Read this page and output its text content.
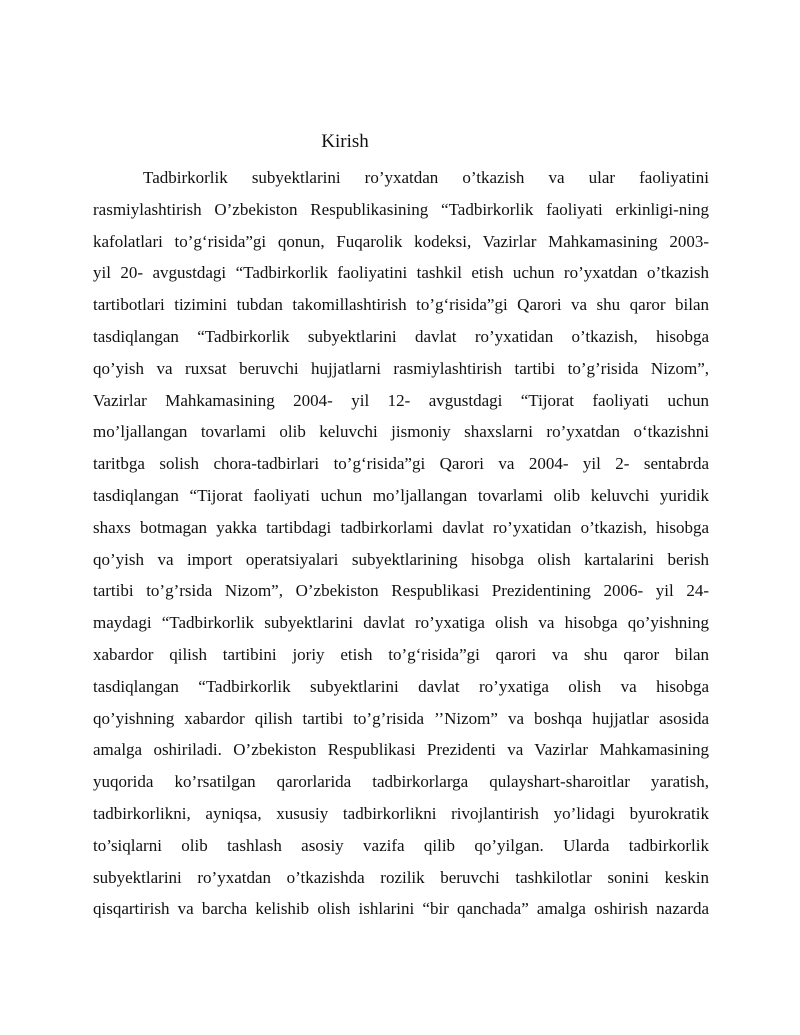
Kirish
Tadbirkorlik subyektlarini ro’yxatdan o’tkazish va ular faoliyatini
rasmiylashtirish O’zbekiston Respublikasining “Tadbirkorlik faoliyati erkinligi-ning
kafolatlari to’g‘risida”gi qonun, Fuqarolik kodeksi, Vazirlar Mahkamasining 2003-
yil 20- avgustdagi “Tadbirkorlik faoliyatini tashkil etish uchun ro’yxatdan o’tkazish
tartibotlari tizimini tubdan takomillashtirish to’g‘risida”gi Qarori va shu qaror bilan
tasdiqlangan “Tadbirkorlik subyektlarini davlat ro’yxatidan o’tkazish, hisobga
qo’yish va ruxsat beruvchi hujjatlarni rasmiylashtirish tartibi to’g’risida Nizom”,
Vazirlar Mahkamasining 2004- yil 12- avgustdagi “Tijorat faoliyati uchun
mo’ljallangan tovarlami olib keluvchi jismoniy shaxslarni ro’yxatdan o‘tkazishni
taritbga solish chora-tadbirlari to’g‘risida”gi Qarori va 2004- yil 2- sentabrda
tasdiqlangan “Tijorat faoliyati uchun mo’ljallangan tovarlami olib keluvchi yuridik
shaxs botmagan yakka tartibdagi tadbirkorlami davlat ro’yxatidan o’tkazish, hisobga
qo’yish va import operatsiyalari subyektlarining hisobga olish kartalarini berish
tartibi to’g’rsida Nizom”, O’zbekiston Respublikasi Prezidentining 2006- yil 24-
maydagi “Tadbirkorlik subyektlarini davlat ro’yxatiga olish va hisobga qo’yishning
xabardor qilish tartibini joriy etish to’g‘risida”gi qarori va shu qaror bilan
tasdiqlangan “Tadbirkorlik subyektlarini davlat ro’yxatiga olish va hisobga
qo’yishning xabardor qilish tartibi to’g’risida ’’Nizom” va boshqa hujjatlar asosida
amalga oshiriladi. O’zbekiston Respublikasi Prezidenti va Vazirlar Mahkamasining
yuqorida ko’rsatilgan qarorlarida tadbirkorlarga qulayshart-sharoitlar yaratish,
tadbirkorlikni, ayniqsa, xususiy tadbirkorlikni rivojlantirish yo’lidagi byurokratik
to’siqlarni olib tashlash asosiy vazifa qilib qo’yilgan. Ularda tadbirkorlik
subyektlarini ro’yxatdan o’tkazishda rozilik beruvchi tashkilotlar sonini keskin
qisqartirish va barcha kelishib olish ishlarini “bir qanchada” amalga oshirish nazarda
